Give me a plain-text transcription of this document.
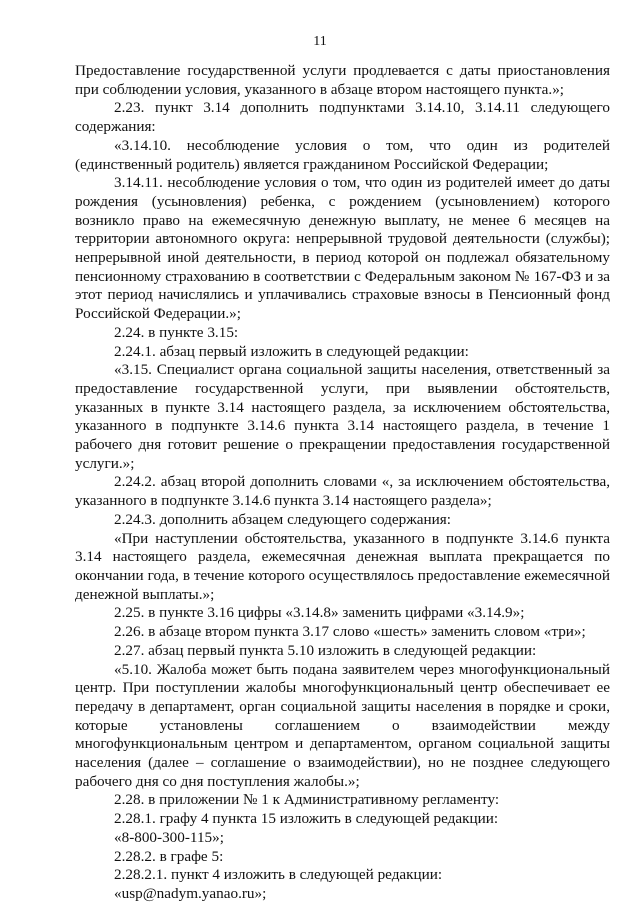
11

Предоставление государственной услуги продлевается с даты приостановления при соблюдении условия, указанного в абзаце втором настоящего пункта.»;

2.23. пункт 3.14 дополнить подпунктами 3.14.10, 3.14.11 следующего содержания:

«3.14.10. несоблюдение условия о том, что один из родителей (единственный родитель) является гражданином Российской Федерации;

3.14.11. несоблюдение условия о том, что один из родителей имеет до даты рождения (усыновления) ребенка, с рождением (усыновлением) которого возникло право на ежемесячную денежную выплату, не менее 6 месяцев на территории автономного округа: непрерывной трудовой деятельности (службы); непрерывной иной деятельности, в период которой он подлежал обязательному пенсионному страхованию в соответствии с Федеральным законом № 167-ФЗ и за этот период начислялись и уплачивались страховые взносы в Пенсионный фонд Российской Федерации.»;

2.24. в пункте 3.15:

2.24.1. абзац первый изложить в следующей редакции:

«3.15. Специалист органа социальной защиты населения, ответственный за предоставление государственной услуги, при выявлении обстоятельств, указанных в пункте 3.14 настоящего раздела, за исключением обстоятельства, указанного в подпункте 3.14.6 пункта 3.14 настоящего раздела, в течение 1 рабочего дня готовит решение о прекращении предоставления государственной услуги.»;

2.24.2. абзац второй дополнить словами «, за исключением обстоятельства, указанного в подпункте 3.14.6 пункта 3.14 настоящего раздела»;

2.24.3. дополнить абзацем следующего содержания:

«При наступлении обстоятельства, указанного в подпункте 3.14.6 пункта 3.14 настоящего раздела, ежемесячная денежная выплата прекращается по окончании года, в течение которого осуществлялось предоставление ежемесячной денежной выплаты.»;

2.25. в пункте 3.16 цифры «3.14.8» заменить цифрами «3.14.9»;

2.26. в абзаце втором пункта 3.17 слово «шесть» заменить словом «три»;

2.27. абзац первый пункта 5.10 изложить в следующей редакции:

«5.10. Жалоба может быть подана заявителем через многофункциональный центр. При поступлении жалобы многофункциональный центр обеспечивает ее передачу в департамент, орган социальной защиты населения в порядке и сроки, которые установлены соглашением о взаимодействии между многофункциональным центром и департаментом, органом социальной защиты населения (далее – соглашение о взаимодействии), но не позднее следующего рабочего дня со дня поступления жалобы.»;

2.28. в приложении № 1 к Административному регламенту:

2.28.1. графу 4 пункта 15 изложить в следующей редакции:

«8-800-300-115»;

2.28.2. в графе 5:

2.28.2.1. пункт 4 изложить в следующей редакции:

«usp@nadym.yanao.ru»;
